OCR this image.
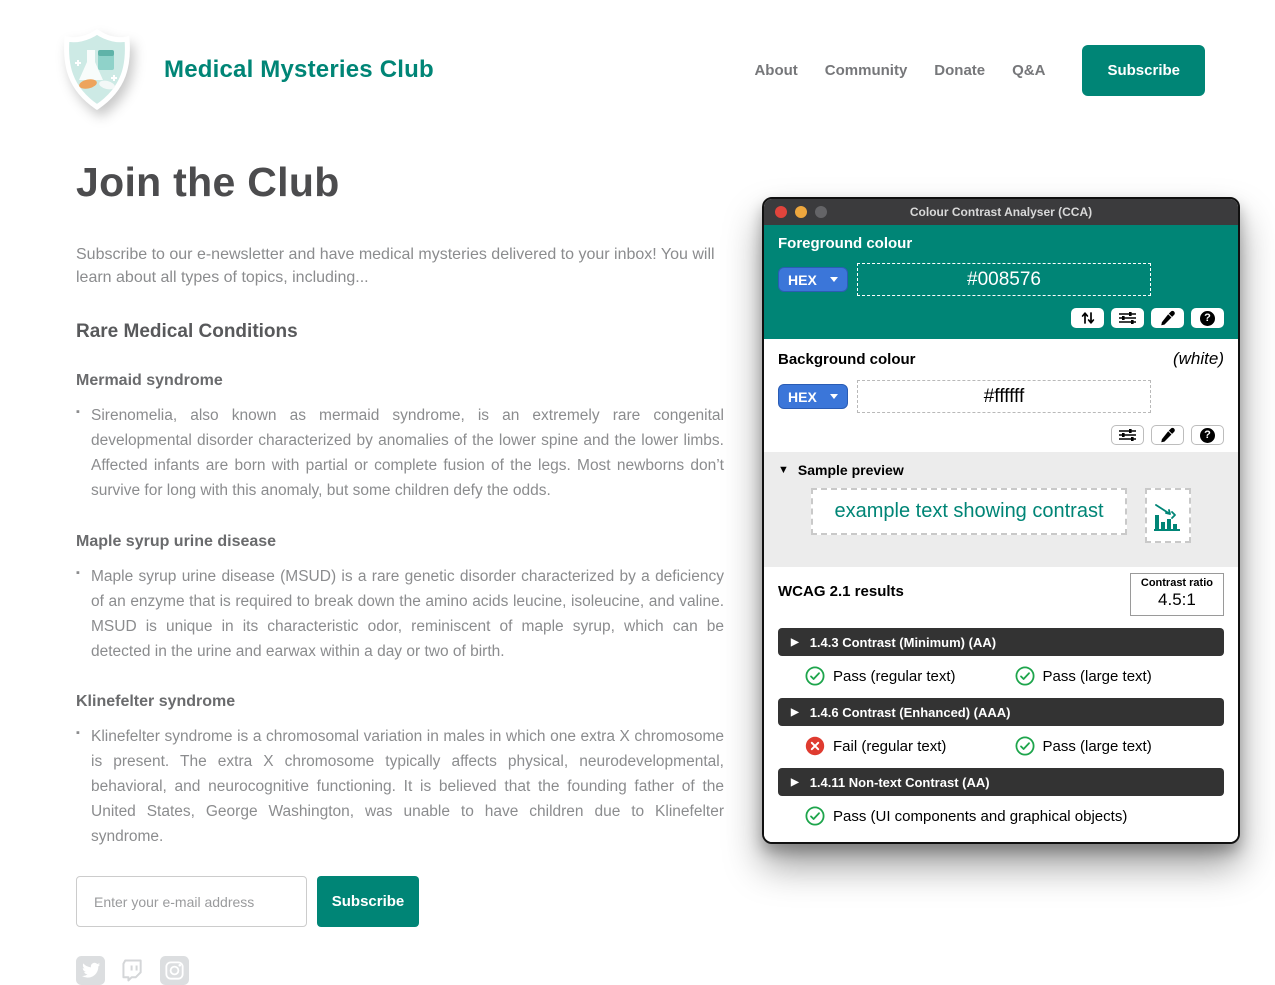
Medical Mysteries Club	About Community Donate Q&A	Subscribe
Join the Club

Subscribe to our e-newsletter and have medical mysteries delivered to your inbox! You will learn about all types of topics, including...

Rare Medical Conditions
Mermaid syndrome
▪ Sirenomelia, also known as mermaid syndrome, is an extremely rare congenital developmental disorder characterized by anomalies of the lower spine and the lower limbs. Affected infants are born with partial or complete fusion of the legs. Most newborns don’t survive for long with this anomaly, but some children defy the odds.
Maple syrup urine disease
▪ Maple syrup urine disease (MSUD) is a rare genetic disorder characterized by a deficiency of an enzyme that is required to break down the amino acids leucine, isoleucine, and valine. MSUD is unique in its characteristic odor, reminiscent of maple syrup, which can be detected in the urine and earwax within a day or two of birth.
Klinefelter syndrome
▪ Klinefelter syndrome is a chromosomal variation in males in which one extra X chromosome is present. The extra X chromosome typically affects physical, neurodevelopmental, behavioral, and neurocognitive functioning. It is believed that the founding father of the United States, George Washington, was unable to have children due to Klinefelter syndrome.
Enter your e-mail address
Subscribe
Colour Contrast Analyser (CCA)
Foreground colour
HEX	#008576
?
Background colour	(white)
HEX	#ffffff
?
▼ Sample preview
example text showing contrast
WCAG 2.1 results	Contrast ratio
4.5:1
▶ 1.4.3 Contrast (Minimum) (AA)
Pass (regular text)	Pass (large text)
▶ 1.4.6 Contrast (Enhanced) (AAA)
Fail (regular text)	Pass (large text)
▶ 1.4.11 Non-text Contrast (AA)
Pass (UI components and graphical objects)
